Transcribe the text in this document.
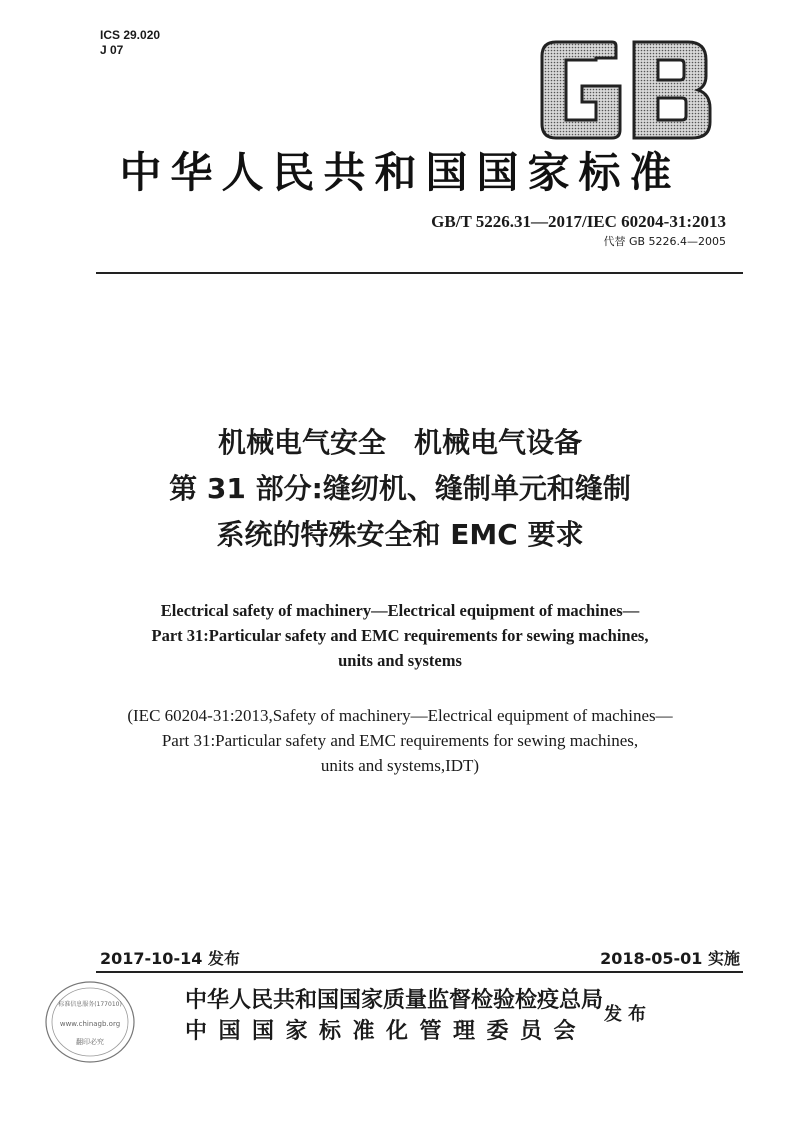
ICS 29.020
J 07
中华人民共和国国家标准
GB/T 5226.31—2017/IEC 60204-31:2013
代替 GB 5226.4—2005
机械电气安全　机械电气设备
第 31 部分:缝纫机、缝制单元和缝制
系统的特殊安全和 EMC 要求
Electrical safety of machinery—Electrical equipment of machines—
Part 31:Particular safety and EMC requirements for sewing machines,
units and systems
(IEC 60204-31:2013,Safety of machinery—Electrical equipment of machines—
Part 31:Particular safety and EMC requirements for sewing machines,
units and systems,IDT)
2017-10-14 发布	2018-05-01 实施
中华人民共和国国家质量监督检验检疫总局
中国国家标准化管理委员会
发布
标准信息服务(177010)
www.chinagb.org
翻印必究
